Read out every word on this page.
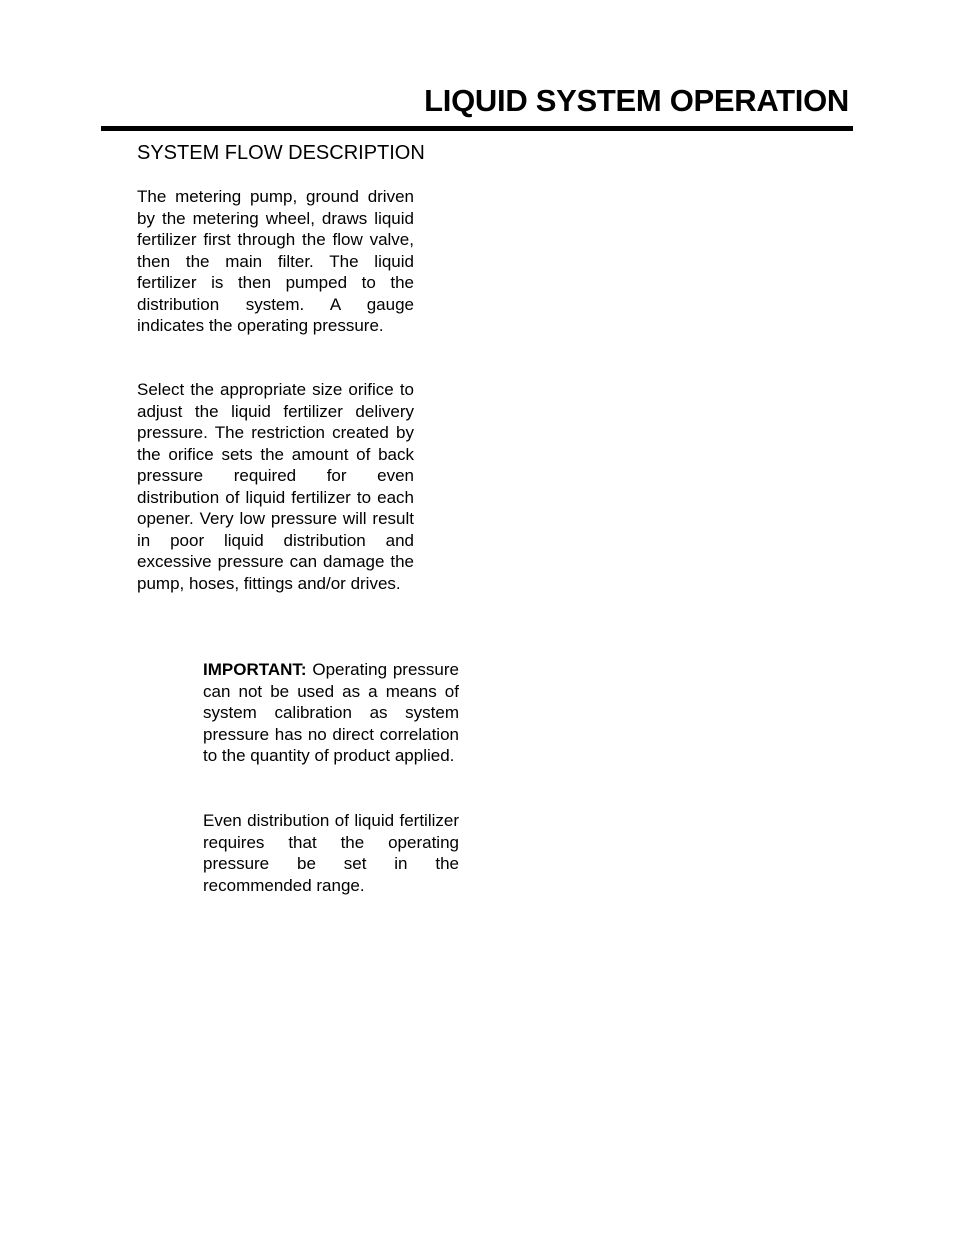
LIQUID SYSTEM OPERATION
SYSTEM FLOW DESCRIPTION

The metering pump, ground driven by the metering wheel, draws liquid fertilizer first through the flow valve, then the main filter. The liquid fertilizer is then pumped to the distribution system. A gauge indicates the operating pressure.

Select the appropriate size orifice to adjust the liquid fertilizer delivery pressure. The restriction created by the orifice sets the amount of back pressure required for even distribution of liquid fertilizer to each opener. Very low pressure will result in poor liquid distribution and excessive pressure can damage the pump, hoses, fittings and/or drives.

IMPORTANT: Operating pressure can not be used as a means of system calibration as system pressure has no direct correlation to the quantity of product applied.

Even distribution of liquid fertilizer requires that the operating pressure be set in the recommended range.
